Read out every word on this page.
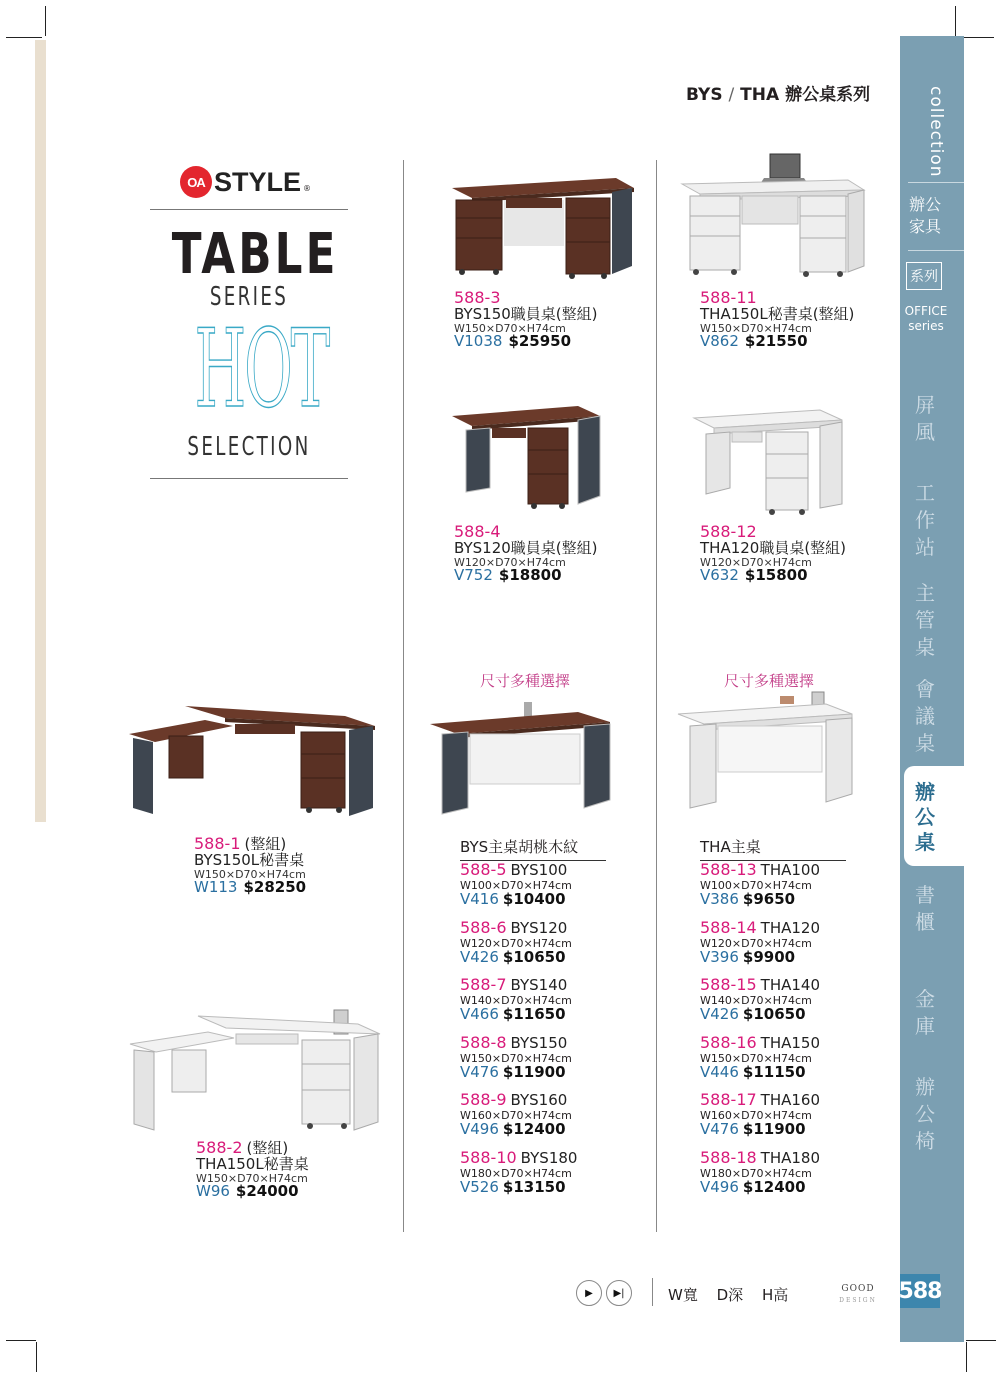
BYS / THA 辦公桌系列
OA STYLE ®
TABLE
SERIES
HOT
SELECTION
588-3
BYS150職員桌(整組)
W150×D70×H74cm
V1038 $25950
588-11
THA150L秘書桌(整組)
W150×D70×H74cm
V862 $21550
588-4
BYS120職員桌(整組)
W120×D70×H74cm
V752 $18800
588-12
THA120職員桌(整組)
W120×D70×H74cm
V632 $15800
588-1 (整組)
BYS150L秘書桌
W150×D70×H74cm
W113 $28250
588-2 (整組)
THA150L秘書桌
W150×D70×H74cm
W96 $24000
尺寸多種選擇	尺寸多種選擇
BYS主桌胡桃木紋	THA主桌
588-5 BYS100
W100×D70×H74cm
V416 $10400
588-6 BYS120
W120×D70×H74cm
V426 $10650
588-7 BYS140
W140×D70×H74cm
V466 $11650
588-8 BYS150
W150×D70×H74cm
V476 $11900
588-9 BYS160
W160×D70×H74cm
V496 $12400
588-10 BYS180
W180×D70×H74cm
V526 $13150
588-13 THA100
W100×D70×H74cm
V386 $9650
588-14 THA120
W120×D70×H74cm
V396 $9900
588-15 THA140
W140×D70×H74cm
V426 $10650
588-16 THA150
W150×D70×H74cm
V446 $11150
588-17 THA160
W160×D70×H74cm
V476 $11900
588-18 THA180
W180×D70×H74cm
V496 $12400
collection
辦公
家具
系列
OFFICE
series
屏
風
工
作
站
主
管
桌
會
議
桌
辦
公
桌
書
櫃
金
庫
辦
公
椅
▶ ▶|	W寬 D深 H高	GOOD
DESIGN 588
